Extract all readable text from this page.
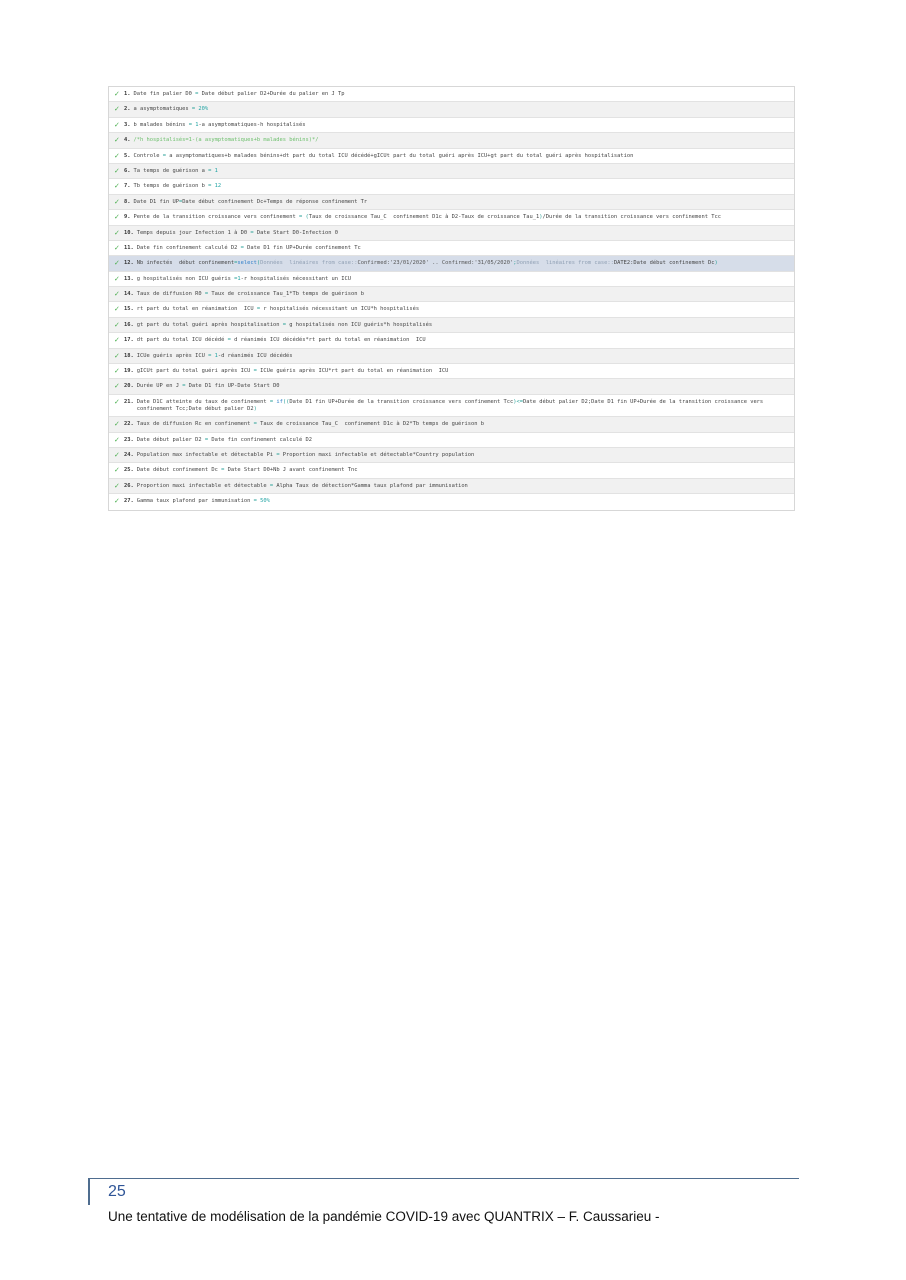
✓ 1. Date fin palier D0 = Date début palier D2+Durée du palier en J Tp
✓ 2. a asymptomatiques = 20%
✓ 3. b malades bénins = 1-a asymptomatiques-h hospitalisés
✓ 4. /*h hospitalisés=1-(a asymptomatiques+b malades bénins)*/
✓ 5. Controle = a asymptomatiques+b malades bénins+dt part du total ICU décédé+gICUt part du total guéri après ICU+gt part du total guéri après hospitalisation
✓ 6. Ta temps de guérison a = 1
✓ 7. Tb temps de guérison b = 12
✓ 8. Date D1 fin UP=Date début confinement Dc+Temps de réponse confinement Tr
✓ 9. Pente de la transition croissance vers confinement = (Taux de croissance Tau_C  confinement D1c à D2-Taux de croissance Tau_1)/Durée de la transition croissance vers confinement Tcc
✓ 10. Temps depuis jour Infection 1 à D0 = Date Start D0-Infection 0
✓ 11. Date fin confinement calculé D2 = Date D1 fin UP+Durée confinement Tc
✓ 12. Nb infectés  début confinement=select(Données  linéaires from case::Confirmed:'23/01/2020' .. Confirmed:'31/05/2020';Données  linéaires from case::DATE2:Date début confinement Dc)
✓ 13. g hospitalisés non ICU guéris =1-r hospitalisés nécessitant un ICU
✓ 14. Taux de diffusion R0 = Taux de croissance Tau_1*Tb temps de guérison b
✓ 15. rt part du total en réanimation  ICU = r hospitalisés nécessitant un ICU*h hospitalisés
✓ 16. gt part du total guéri après hospitalisation = g hospitalisés non ICU guéris*h hospitalisés
✓ 17. dt part du total ICU décédé = d réanimés ICU décédés*rt part du total en réanimation  ICU
✓ 18. ICUe guéris après ICU = 1-d réanimés ICU décédés
✓ 19. gICUt part du total guéri après ICU = ICUe guéris après ICU*rt part du total en réanimation  ICU
✓ 20. Durée UP en J = Date D1 fin UP-Date Start D0
✓ 21. Date D1C atteinte du taux de confinement = if((Date D1 fin UP+Durée de la transition croissance vers confinement Tcc)<=Date début palier D2;Date D1 fin UP+Durée de la transition croissance vers confinement Tcc;Date début palier D2)
✓ 22. Taux de diffusion Rc en confinement = Taux de croissance Tau_C  confinement D1c à D2*Tb temps de guérison b
✓ 23. Date début palier D2 = Date fin confinement calculé D2
✓ 24. Population max infectable et détectable Pi = Proportion maxi infectable et détectable*Country population
✓ 25. Date début confinement Dc = Date Start D0+Nb J avant confinement Tnc
✓ 26. Proportion maxi infectable et détectable = Alpha Taux de détection*Gamma taux plafond par immunisation
✓ 27. Gamma taux plafond par immunisation = 50%
25
Une tentative de modélisation de la pandémie COVID-19 avec QUANTRIX – F. Caussarieu -
